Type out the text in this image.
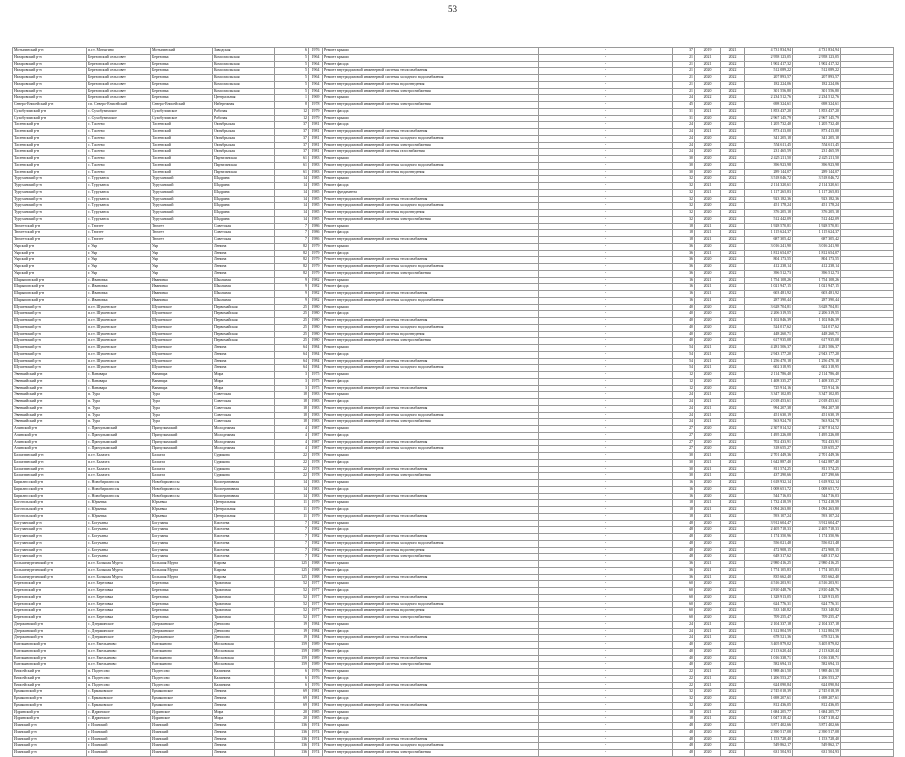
53
Мотыгинский р-н	п.г.т. Мотыгино	Мотыгинский	Заводская	6	1976	Ремонт крыши	-	37	2019	2021	4 731 834,94	4 731 834,94	
Назаровский р-н	Березовский сельсовет	Березовка	Комсомольская	5	1964	Ремонт крыши	-	21	2021	2022	2 958 123,05	2 958 123,05	
Назаровский р-н	Березовский сельсовет	Березовка	Комсомольская	5	1964	Ремонт фасада	-	21	2021	2022	1 902 417,32	1 902 417,32	
Назаровский р-н	Березовский сельсовет	Березовка	Комсомольская	5	1964	Ремонт внутридомовой инженерной системы теплоснабжения	-	21	2020	2022	512 089,22	512 089,22	
Назаровский р-н	Березовский сельсовет	Березовка	Комсомольская	5	1964	Ремонт внутридомовой инженерной системы холодного водоснабжения	-	21	2020	2022	207 893,57	207 893,57	
Назаровский р-н	Березовский сельсовет	Березовка	Комсомольская	5	1964	Ремонт внутридомовой инженерной системы водоотведения	-	21	2020	2022	182 224,06	182 224,06	
Назаровский р-н	Березовский сельсовет	Березовка	Комсомольская	5	1964	Ремонт внутридомовой инженерной системы электроснабжения	-	21	2020	2022	301 556,80	301 556,80	
Назаровский р-н	Березовский сельсовет	Березовка	Центральная	1	1969	Ремонт крыши	-	24	2022	2022	2 234 512,76	2 234 512,76	
Северо-Енисейский р-н	г.п. Северо-Енисейский	Северо-Енисейский	Набережная	8	1978	Ремонт внутридомовой инженерной системы электроснабжения	-	45	2020	2022	698 324,61	698 324,61	
Сухобузимский р-н	с. Сухобузимское	Сухобузимское	Рабочая	12	1979	Ремонт фасада	-	31	2021	2022	1 853 437,20	1 853 437,20	
Сухобузимский р-н	с. Сухобузимское	Сухобузимское	Рабочая	12	1979	Ремонт крыши	-	31	2020	2022	2 967 145,79	2 967 145,79	
Тасеевский р-н	с. Тасеево	Тасеевский	Октябрьская	37	1981	Ремонт фасада	-	24	2020	2022	1 205 732,40	1 205 732,40	
Тасеевский р-н	с. Тасеево	Тасеевский	Октябрьская	37	1981	Ремонт внутридомовой инженерной системы теплоснабжения	-	24	2021	2022	873 413,00	873 413,00	
Тасеевский р-н	с. Тасеево	Тасеевский	Октябрьская	37	1981	Ремонт внутридомовой инженерной системы холодного водоснабжения	-	24	2020	2022	341 205,18	341 205,18	
Тасеевский р-н	с. Тасеево	Тасеевский	Октябрьская	37	1981	Ремонт внутридомовой инженерной системы электроснабжения	-	24	2020	2022	554 611,45	554 611,45	
Тасеевский р-н	с. Тасеево	Тасеевский	Октябрьская	37	1981	Ремонт внутридомовой инженерной системы газоснабжения	-	24	2020	2022	231 465,59	231 465,59	
Тасеевский р-н	с. Тасеево	Тасеевский	Партизанская	61	1983	Ремонт крыши	-	30	2020	2022	2 425 211,50	2 425 211,50	
Тасеевский р-н	с. Тасеево	Тасеевский	Партизанская	61	1983	Ремонт внутридомовой инженерной системы холодного водоснабжения	-	30	2020	2022	396 923,98	396 923,98	
Тасеевский р-н	с. Тасеево	Тасеевский	Партизанская	61	1983	Ремонт внутридомовой инженерной системы водоотведения	-	30	2020	2022	289 144,07	289 144,07	
Туруханский р-н	с. Туруханск	Туруханский	Шадрина	14	1985	Ремонт крыши	-	32	2020	2022	3 518 046,72	3 518 046,72	
Туруханский р-н	с. Туруханск	Туруханский	Шадрина	14	1985	Ремонт фасада	-	32	2021	2022	2 114 320,61	2 114 320,61	
Туруханский р-н	с. Туруханск	Туруханский	Шадрина	14	1985	Ремонт фундамента	-	32	2021	2022	1 117 265,83	1 117 265,83	
Туруханский р-н	с. Туруханск	Туруханский	Шадрина	14	1985	Ремонт внутридомовой инженерной системы теплоснабжения	-	32	2020	2022	923 182,36	923 182,36	
Туруханский р-н	с. Туруханск	Туруханский	Шадрина	14	1985	Ремонт внутридомовой инженерной системы холодного водоснабжения	-	32	2020	2022	451 178,24	451 178,24	
Туруханский р-н	с. Туруханск	Туруханский	Шадрина	14	1985	Ремонт внутридомовой инженерной системы водоотведения	-	32	2020	2022	376 205,18	376 205,18	
Туруханский р-н	с. Туруханск	Туруханский	Шадрина	14	1985	Ремонт внутридомовой инженерной системы электроснабжения	-	32	2020	2022	512 442,09	512 442,09	
Тюхтетский р-н	с. Тюхтет	Тюхтет	Советская	7	1986	Ремонт крыши	-	18	2021	2022	1 928 570,81	1 928 570,81	
Тюхтетский р-н	с. Тюхтет	Тюхтет	Советская	7	1986	Ремонт фасада	-	18	2021	2022	1 115 624,37	1 115 624,37	
Тюхтетский р-н	с. Тюхтет	Тюхтет	Советская	7	1986	Ремонт внутридомовой инженерной системы теплоснабжения	-	18	2021	2022	687 305,42	687 305,42	
Уярский р-н	г. Уяр	Уяр	Ленина	82	1979	Ремонт крыши	-	36	2020	2022	3 016 241,90	3 016 241,90	
Уярский р-н	г. Уяр	Уяр	Ленина	82	1979	Ремонт фасада	-	36	2021	2022	1 812 654,07	1 812 654,07	
Уярский р-н	г. Уяр	Уяр	Ленина	82	1979	Ремонт внутридомовой инженерной системы теплоснабжения	-	36	2020	2022	804 173,55	804 173,55	
Уярский р-н	г. Уяр	Уяр	Ленина	82	1979	Ремонт внутридомовой инженерной системы холодного водоснабжения	-	36	2020	2022	412 238,14	412 238,14	
Уярский р-н	г. Уяр	Уяр	Ленина	82	1979	Ремонт внутридомовой инженерной системы электроснабжения	-	36	2020	2022	396 512,73	396 512,73	
Шарыповский р-н	с. Ивановка	Ивановка	Школьная	9	1982	Ремонт крыши	-	16	2021	2022	1 754 108,26	1 754 108,26	
Шарыповский р-н	с. Ивановка	Ивановка	Школьная	9	1982	Ремонт фасада	-	16	2021	2022	1 021 947,15	1 021 947,15	
Шарыповский р-н	с. Ивановка	Ивановка	Школьная	9	1982	Ремонт внутридомовой инженерной системы теплоснабжения	-	16	2021	2022	603 481,92	603 481,92	
Шарыповский р-н	с. Ивановка	Ивановка	Школьная	9	1982	Ремонт внутридомовой инженерной системы холодного водоснабжения	-	16	2021	2022	287 390,44	287 390,44	
Шушенский р-н	п.г.т. Шушенское	Шушенское	Первомайская	25	1980	Ремонт крыши	-	40	2020	2022	3 628 704,81	3 628 704,81	
Шушенский р-н	п.г.т. Шушенское	Шушенское	Первомайская	25	1980	Ремонт фасада	-	40	2020	2022	2 206 319,55	2 206 319,55	
Шушенский р-н	п.г.т. Шушенское	Шушенское	Первомайская	25	1980	Ремонт внутридомовой инженерной системы теплоснабжения	-	40	2020	2022	1 102 846,39	1 102 846,39	
Шушенский р-н	п.г.т. Шушенское	Шушенское	Первомайская	25	1980	Ремонт внутридомовой инженерной системы холодного водоснабжения	-	40	2020	2022	524 017,62	524 017,62	
Шушенский р-н	п.г.т. Шушенское	Шушенское	Первомайская	25	1980	Ремонт внутридомовой инженерной системы водоотведения	-	40	2020	2022	448 260,71	448 260,71	
Шушенский р-н	п.г.т. Шушенское	Шушенское	Первомайская	25	1980	Ремонт внутридомовой инженерной системы электроснабжения	-	40	2020	2022	617 935,08	617 935,08	
Шушенский р-н	п.г.т. Шушенское	Шушенское	Ленина	64	1984	Ремонт крыши	-	54	2021	2022	4 281 506,37	4 281 506,37	
Шушенский р-н	п.г.т. Шушенское	Шушенское	Ленина	64	1984	Ремонт фасада	-	54	2021	2022	2 943 177,20	2 943 177,20	
Шушенский р-н	п.г.т. Шушенское	Шушенское	Ленина	64	1984	Ремонт внутридомовой инженерной системы теплоснабжения	-	54	2021	2022	1 256 470,18	1 256 470,18	
Шушенский р-н	п.г.т. Шушенское	Шушенское	Ленина	64	1984	Ремонт внутридомовой инженерной системы холодного водоснабжения	-	54	2021	2022	602 318,95	602 318,95	
Эвенкийский р-н	с. Ванавара	Ванавара	Мира	3	1975	Ремонт крыши	-	12	2020	2022	2 114 786,40	2 114 786,40	
Эвенкийский р-н	с. Ванавара	Ванавара	Мира	3	1975	Ремонт фасада	-	12	2020	2022	1 408 335,27	1 408 335,27	
Эвенкийский р-н	с. Ванавара	Ванавара	Мира	3	1975	Ремонт внутридомовой инженерной системы теплоснабжения	-	12	2020	2022	725 914,16	725 914,16	
Эвенкийский р-н	п. Тура	Тура	Советская	18	1983	Ремонт крыши	-	24	2021	2022	3 347 102,85	3 347 102,85	
Эвенкийский р-н	п. Тура	Тура	Советская	18	1983	Ремонт фасада	-	24	2021	2022	2 018 453,61	2 018 453,61	
Эвенкийский р-н	п. Тура	Тура	Советская	18	1983	Ремонт внутридомовой инженерной системы теплоснабжения	-	24	2021	2022	994 207,38	994 207,38	
Эвенкийский р-н	п. Тура	Тура	Советская	18	1983	Ремонт внутридомовой инженерной системы холодного водоснабжения	-	24	2021	2022	451 630,19	451 630,19	
Эвенкийский р-н	п. Тура	Тура	Советская	18	1983	Ремонт внутридомовой инженерной системы электроснабжения	-	24	2021	2022	563 924,70	563 924,70	
Ачинский р-н	с. Причулымский	Причулымский	Молодежная	4	1987	Ремонт крыши	-	27	2020	2022	2 307 814,52	2 307 814,52	
Ачинский р-н	с. Причулымский	Причулымский	Молодежная	4	1987	Ремонт фасада	-	27	2020	2022	1 495 226,08	1 495 226,08	
Ачинский р-н	с. Причулымский	Причулымский	Молодежная	4	1987	Ремонт внутридомовой инженерной системы теплоснабжения	-	27	2020	2022	702 433,91	702 433,91	
Ачинский р-н	с. Причулымский	Причулымский	Молодежная	4	1987	Ремонт внутридомовой инженерной системы холодного водоснабжения	-	27	2020	2022	318 655,27	318 655,27	
Балахтинский р-н	п.г.т. Балахта	Балахта	Сурикова	22	1978	Ремонт крыши	-	30	2021	2022	2 701 449,36	2 701 449,36	
Балахтинский р-н	п.г.т. Балахта	Балахта	Сурикова	22	1978	Ремонт фасада	-	30	2021	2022	1 642 887,40	1 642 887,40	
Балахтинский р-н	п.г.т. Балахта	Балахта	Сурикова	22	1978	Ремонт внутридомовой инженерной системы теплоснабжения	-	30	2021	2022	811 574,25	811 574,25	
Балахтинский р-н	п.г.т. Балахта	Балахта	Сурикова	22	1978	Ремонт внутридомовой инженерной системы электроснабжения	-	30	2021	2022	437 290,66	437 290,66	
Бирилюсский р-н	с. Новобирилюссы	Новобирилюссы	Кооперативная	14	1983	Ремонт крыши	-	16	2020	2022	1 618 932,14	1 618 932,14	
Бирилюсский р-н	с. Новобирилюссы	Новобирилюссы	Кооперативная	14	1983	Ремонт фасада	-	16	2020	2022	1 008 651,72	1 008 651,72	
Бирилюсский р-н	с. Новобирилюссы	Новобирилюссы	Кооперативная	14	1983	Ремонт внутридомовой инженерной системы теплоснабжения	-	16	2020	2022	544 716,03	544 716,03	
Боготольский р-н	с. Юрьевка	Юрьевка	Центральная	11	1979	Ремонт крыши	-	18	2021	2022	1 732 418,59	1 732 418,59	
Боготольский р-н	с. Юрьевка	Юрьевка	Центральная	11	1979	Ремонт фасада	-	18	2021	2022	1 094 263,80	1 094 263,80	
Боготольский р-н	с. Юрьевка	Юрьевка	Центральная	11	1979	Ремонт внутридомовой инженерной системы теплоснабжения	-	18	2021	2022	593 107,24	593 107,24	
Богучанский р-н	с. Богучаны	Богучаны	Киселева	7	1982	Ремонт крыши	-	48	2020	2022	3 912 604,47	3 912 604,47	
Богучанский р-н	с. Богучаны	Богучаны	Киселева	7	1982	Ремонт фасада	-	48	2020	2022	2 405 718,33	2 405 718,33	
Богучанский р-н	с. Богучаны	Богучаны	Киселева	7	1982	Ремонт внутридомовой инженерной системы теплоснабжения	-	48	2020	2022	1 174 350,96	1 174 350,96	
Богучанский р-н	с. Богучаны	Богучаны	Киселева	7	1982	Ремонт внутридомовой инженерной системы холодного водоснабжения	-	48	2020	2022	556 021,48	556 021,48	
Богучанский р-н	с. Богучаны	Богучаны	Киселева	7	1982	Ремонт внутридомовой инженерной системы водоотведения	-	48	2020	2022	472 908,15	472 908,15	
Богучанский р-н	с. Богучаны	Богучаны	Киселева	7	1982	Ремонт внутридомовой инженерной системы электроснабжения	-	48	2020	2022	648 317,62	648 317,62	
Большемуртинский р-н	п.г.т. Большая Мурта	Большая Мурта	Кирова	125	1988	Ремонт крыши	-	36	2021	2022	2 980 416,25	2 980 416,25	
Большемуртинский р-н	п.г.т. Большая Мурта	Большая Мурта	Кирова	125	1988	Ремонт фасада	-	36	2021	2022	1 774 105,83	1 774 105,83	
Большемуртинский р-н	п.г.т. Большая Мурта	Большая Мурта	Кирова	125	1988	Ремонт внутридомовой инженерной системы теплоснабжения	-	36	2021	2022	835 662,40	835 662,40	
Березовский р-н	п.г.т. Березовка	Березовка	Трактовая	52	1977	Ремонт крыши	-	60	2020	2022	4 516 203,91	4 516 203,91	
Березовский р-н	п.г.т. Березовка	Березовка	Трактовая	52	1977	Ремонт фасада	-	60	2020	2022	2 810 448,76	2 810 448,76	
Березовский р-н	п.г.т. Березовка	Березовка	Трактовая	52	1977	Ремонт внутридомовой инженерной системы теплоснабжения	-	60	2020	2022	1 328 913,05	1 328 913,05	
Березовский р-н	п.г.т. Березовка	Березовка	Трактовая	52	1977	Ремонт внутридомовой инженерной системы холодного водоснабжения	-	60	2020	2022	624 776,31	624 776,31	
Березовский р-н	п.г.т. Березовка	Березовка	Трактовая	52	1977	Ремонт внутридомовой инженерной системы водоотведения	-	60	2020	2022	533 140,82	533 140,82	
Березовский р-н	п.г.т. Березовка	Березовка	Трактовая	52	1977	Ремонт внутридомовой инженерной системы электроснабжения	-	60	2020	2022	709 255,47	709 255,47	
Дзержинский р-н	с. Дзержинское	Дзержинское	Денисова	19	1984	Ремонт крыши	-	24	2021	2022	2 104 337,18	2 104 337,18	
Дзержинский р-н	с. Дзержинское	Дзержинское	Денисова	19	1984	Ремонт фасада	-	24	2021	2022	1 312 804,59	1 312 804,59	
Дзержинский р-н	с. Дзержинское	Дзержинское	Денисова	19	1984	Ремонт внутридомовой инженерной системы теплоснабжения	-	24	2021	2022	678 521,36	678 521,36	
Емельяновский р-н	п.г.т. Емельяново	Емельяново	Московская	159	1989	Ремонт крыши	-	40	2020	2022	3 405 879,02	3 405 879,02	
Емельяновский р-н	п.г.т. Емельяново	Емельяново	Московская	159	1989	Ремонт фасада	-	40	2020	2022	2 113 620,44	2 113 620,44	
Емельяновский р-н	п.г.т. Емельяново	Емельяново	Московская	159	1989	Ремонт внутридомовой инженерной системы теплоснабжения	-	40	2020	2022	1 016 338,71	1 016 338,71	
Емельяновский р-н	п.г.т. Емельяново	Емельяново	Московская	159	1989	Ремонт внутридомовой инженерной системы электроснабжения	-	40	2020	2022	582 694,13	582 694,13	
Енисейский р-н	п. Подтесово	Подтесово	Калинина	6	1976	Ремонт крыши	-	22	2021	2022	1 988 461,50	1 988 461,50	
Енисейский р-н	п. Подтесово	Подтесово	Калинина	6	1976	Ремонт фасада	-	22	2021	2022	1 206 553,27	1 206 553,27	
Енисейский р-н	п. Подтесово	Подтесово	Калинина	6	1976	Ремонт внутридомовой инженерной системы теплоснабжения	-	22	2021	2022	624 090,84	624 090,84	
Ермаковский р-н	с. Ермаковское	Ермаковское	Ленина	69	1981	Ремонт крыши	-	32	2020	2022	2 745 018,39	2 745 018,39	
Ермаковский р-н	с. Ермаковское	Ермаковское	Ленина	69	1981	Ремонт фасада	-	32	2020	2022	1 698 207,61	1 698 207,61	
Ермаковский р-н	с. Ермаковское	Ермаковское	Ленина	69	1981	Ремонт внутридомовой инженерной системы теплоснабжения	-	32	2020	2022	812 436,05	812 436,05	
Идринский р-н	с. Идринское	Идринское	Мира	20	1985	Ремонт крыши	-	18	2021	2022	1 684 205,77	1 684 205,77	
Идринский р-н	с. Идринское	Идринское	Мира	20	1985	Ремонт фасада	-	18	2021	2022	1 047 318,42	1 047 318,42	
Иланский р-н	г. Иланский	Иланский	Ленина	136	1974	Ремонт крыши	-	48	2020	2022	3 871 402,66	3 871 402,66	
Иланский р-н	г. Иланский	Иланский	Ленина	136	1974	Ремонт фасада	-	48	2020	2022	2 390 517,08	2 390 517,08	
Иланский р-н	г. Иланский	Иланский	Ленина	136	1974	Ремонт внутридомовой инженерной системы теплоснабжения	-	48	2020	2022	1 153 728,40	1 153 728,40	
Иланский р-н	г. Иланский	Иланский	Ленина	136	1974	Ремонт внутридомовой инженерной системы холодного водоснабжения	-	48	2020	2022	549 862,17	549 862,17	
Иланский р-н	г. Иланский	Иланский	Ленина	136	1974	Ремонт внутридомовой инженерной системы электроснабжения	-	48	2020	2022	631 504,93	631 504,93	
